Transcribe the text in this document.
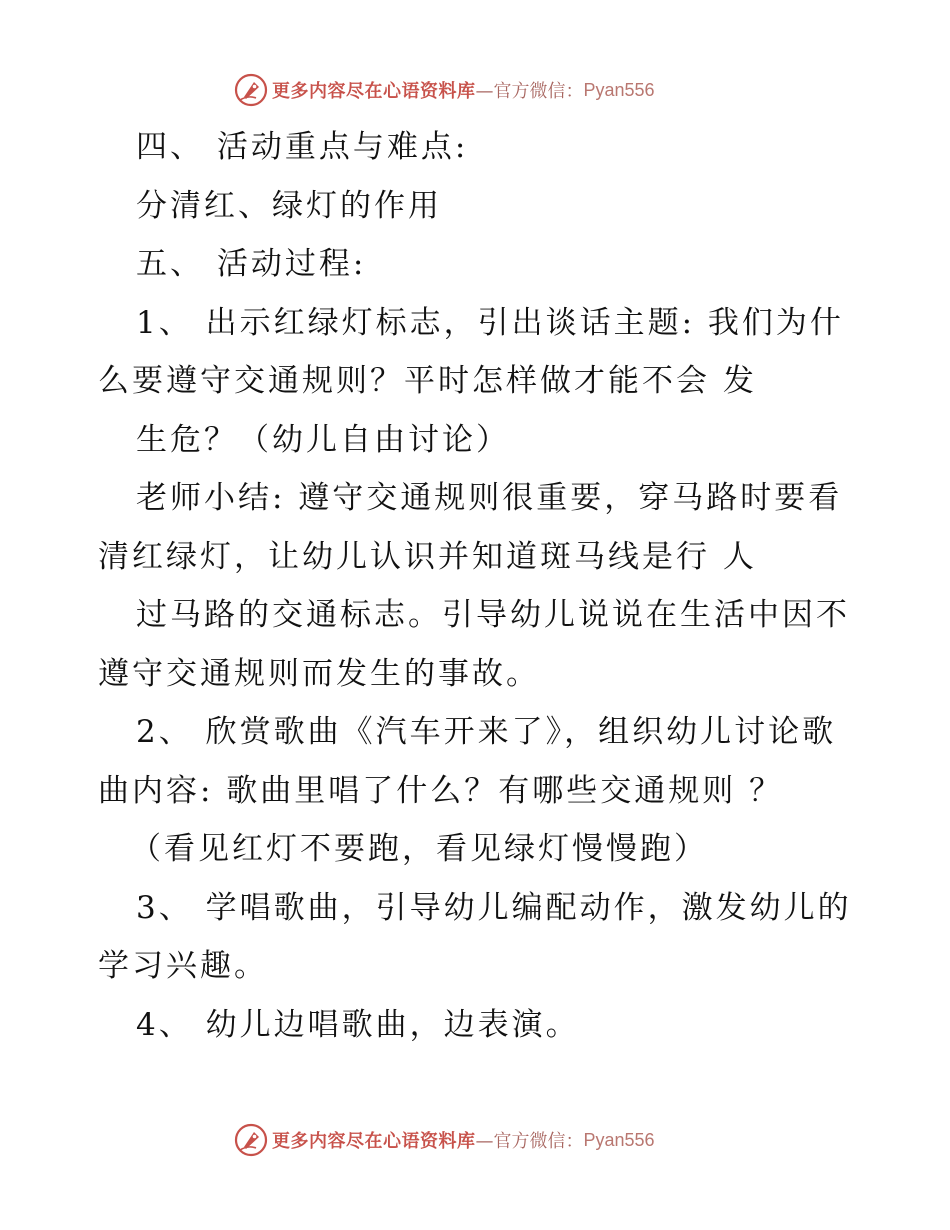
更多内容尽在心语资料库 —官方微信： Pyan556
四、 活动重点与难点:
分清红、绿灯的作用
五、 活动过程:
1、 出示红绿灯标志，引出谈话主题: 我们为什
么要遵守交通规则？平时怎样做才能不会 发
生危？（幼儿自由讨论）
老师小结: 遵守交通规则很重要，穿马路时要看
清红绿灯，让幼儿认识并知道斑马线是行 人
过马路的交通标志。引导幼儿说说在生活中因不
遵守交通规则而发生的事故。
2、 欣赏歌曲《汽车开来了》，组织幼儿讨论歌
曲内容: 歌曲里唱了什么？有哪些交通规则 ？
（看见红灯不要跑，看见绿灯慢慢跑）
3、 学唱歌曲，引导幼儿编配动作，激发幼儿的
学习兴趣。
4、 幼儿边唱歌曲，边表演。
更多内容尽在心语资料库 —官方微信： Pyan556
